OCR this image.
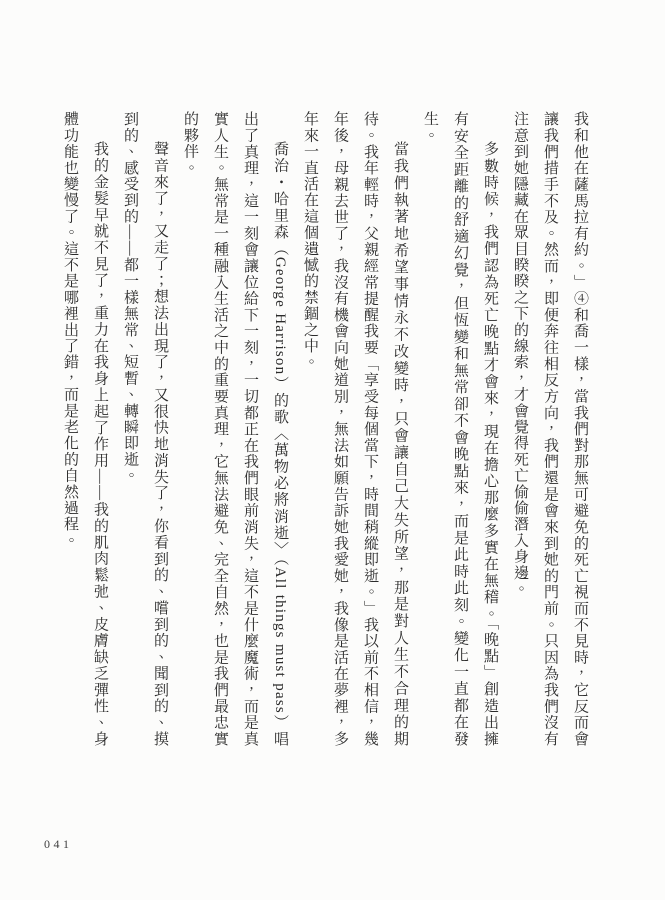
我和他在薩馬拉有約。」④和喬一樣，當我們對那無可避免的死亡視而不見時，它反而會讓我們措手不及。然而，即便奔往相反方向，我們還是會來到她的門前。只因為我們沒有注意到她隱藏在眾目睽睽之下的線索，才會覺得死亡偷偷潛入身邊。

多數時候，我們認為死亡晚點才會來，現在擔心那麼多實在無稽。「晚點」創造出擁有安全距離的舒適幻覺，但恆變和無常卻不會晚點來，而是此時此刻。變化一直都在發生。

當我們執著地希望事情永不改變時，只會讓自己大失所望，那是對人生不合理的期待。我年輕時，父親經常提醒我要「享受每個當下，時間稍縱即逝。」我以前不相信，幾年後，母親去世了，我沒有機會向她道別，無法如願告訴她我愛她，我像是活在夢裡，多年來一直活在這個遺憾的禁錮之中。

喬治・哈里森（George Harrison）的歌〈萬物必將消逝〉（All things must pass）唱出了真理，這一刻會讓位給下一刻，一切都正在我們眼前消失，這不是什麼魔術，而是真實人生。無常是一種融入生活之中的重要真理，它無法避免、完全自然，也是我們最忠實的夥伴。

聲音來了，又走了；想法出現了，又很快地消失了，你看到的、嚐到的、聞到的、摸到的、感受到的——都一樣無常、短暫、轉瞬即逝。

我的金髮早就不見了，重力在我身上起了作用——我的肌肉鬆弛、皮膚缺乏彈性、身體功能也變慢了。這不是哪裡出了錯，而是老化的自然過程。

041
